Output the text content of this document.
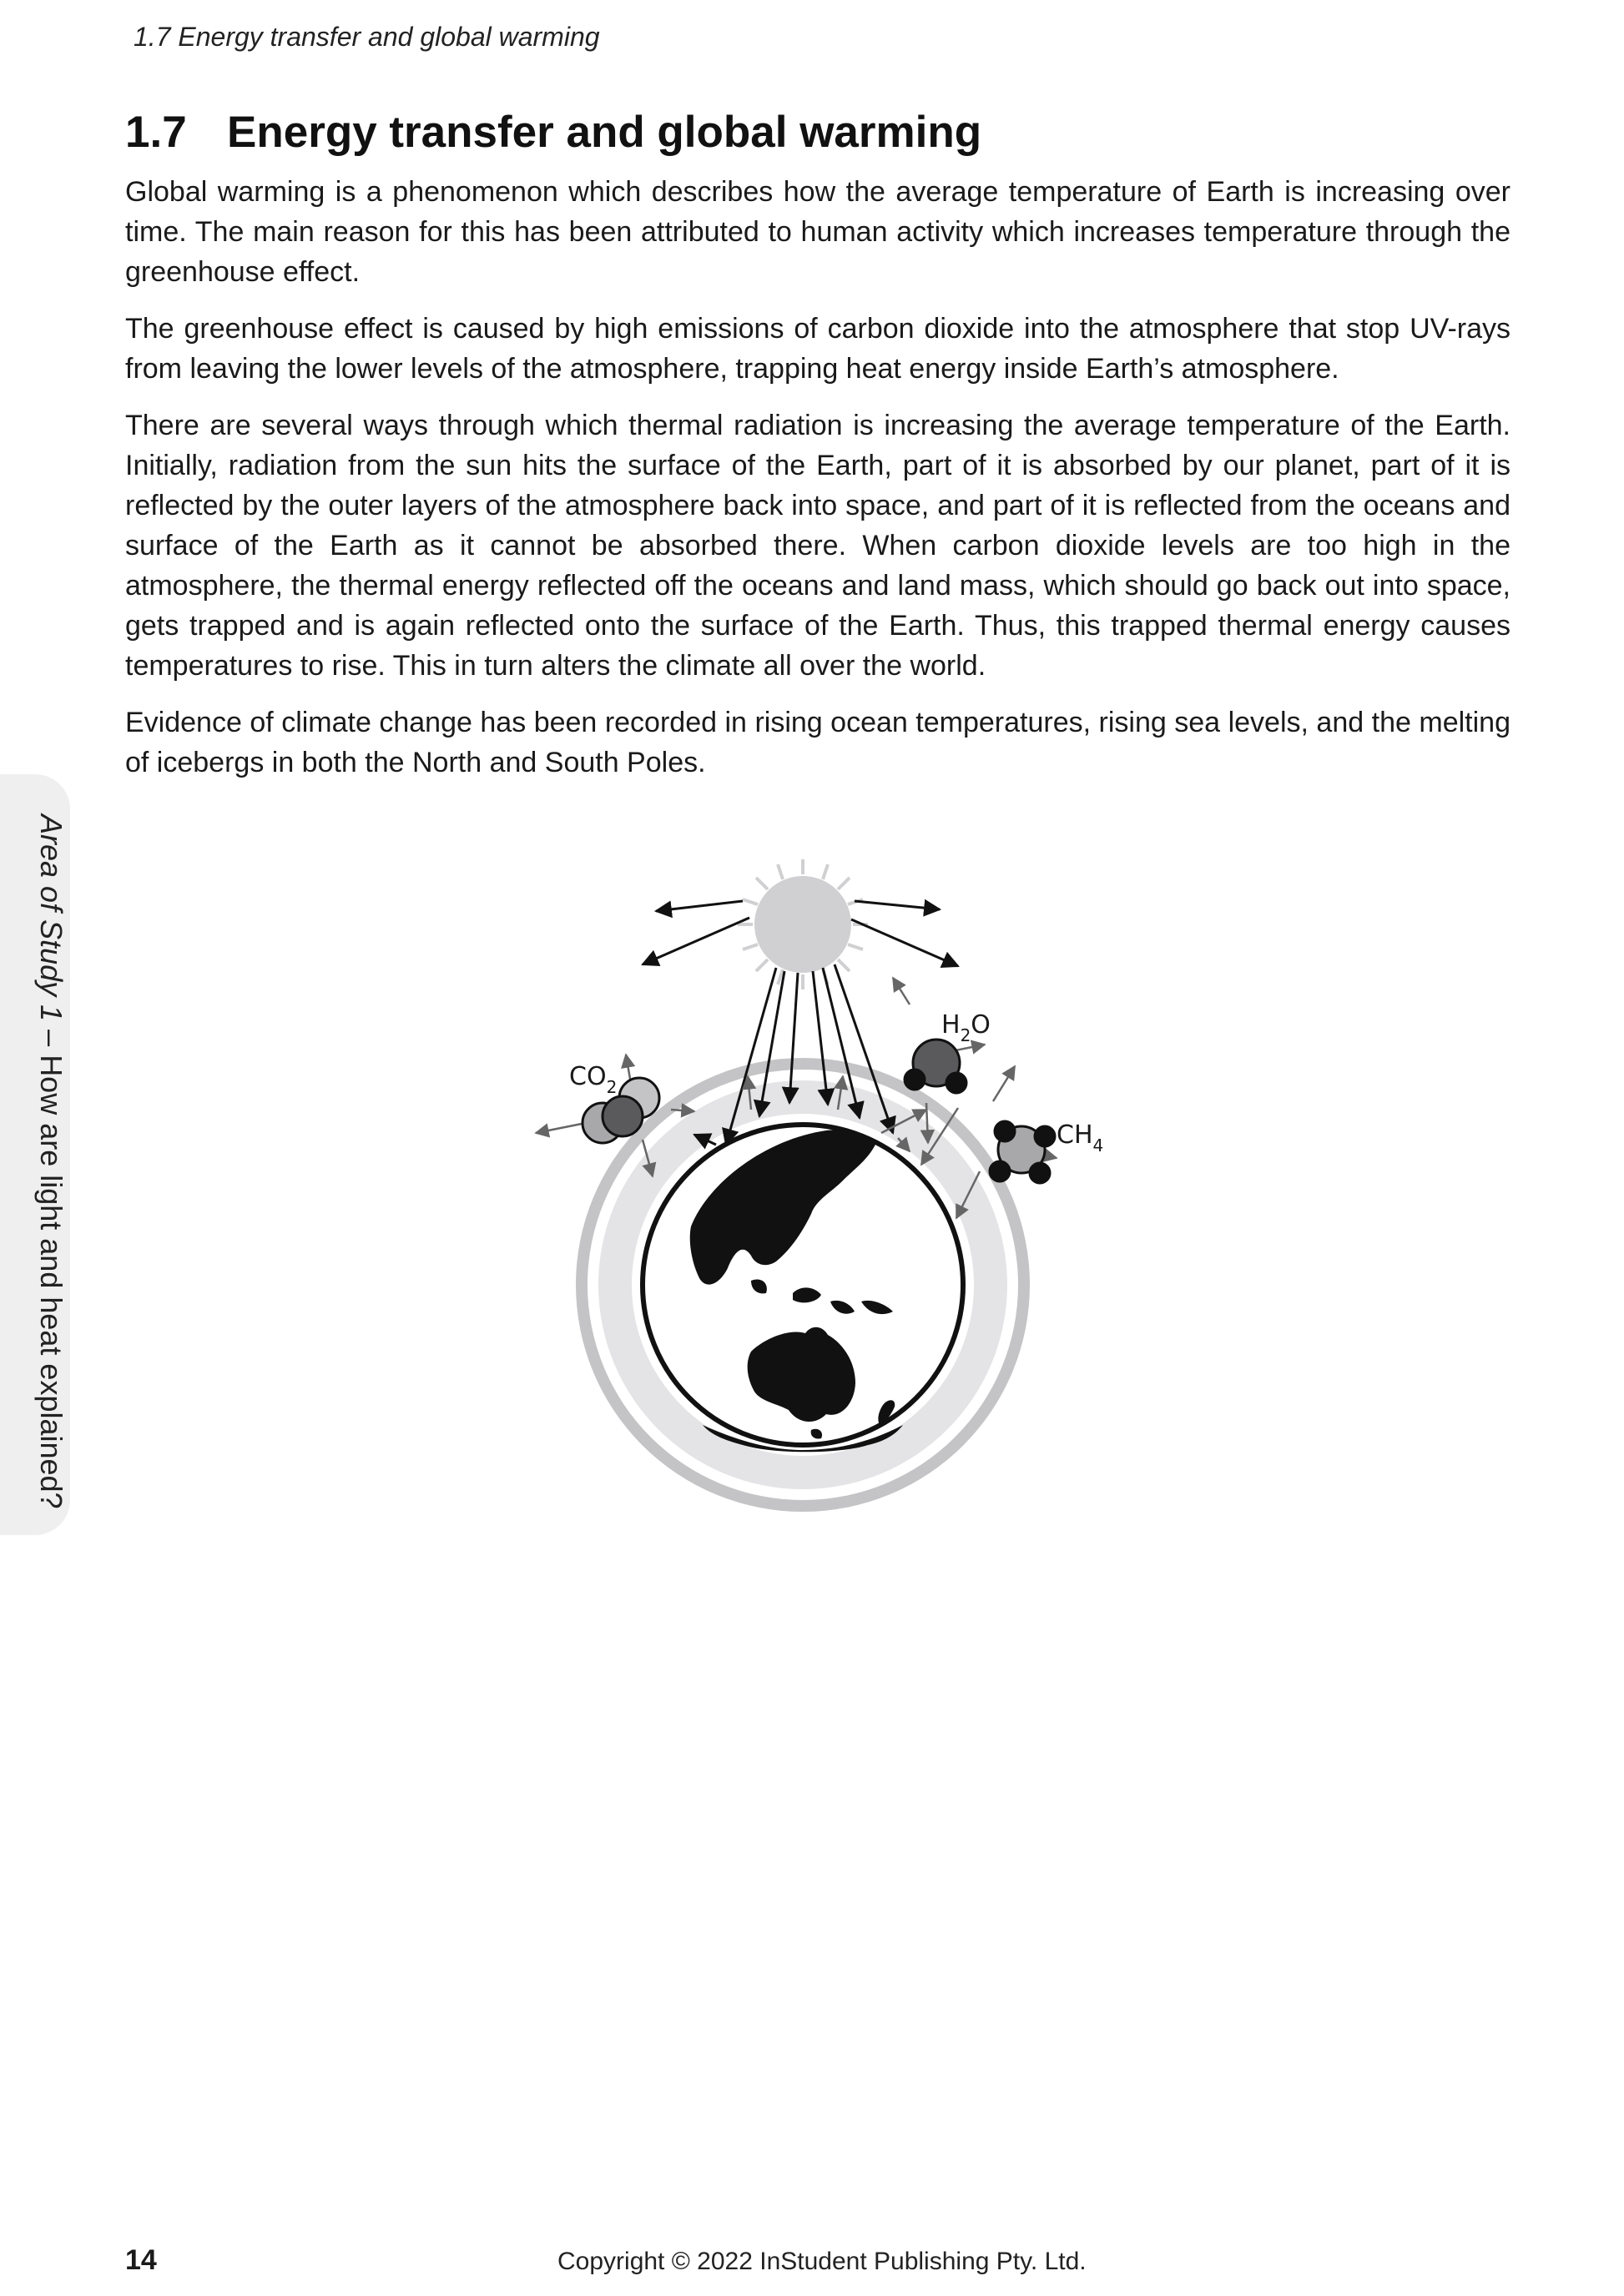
1.7 Energy transfer and global warming
1.7 Energy transfer and global warming

Global warming is a phenomenon which describes how the average temperature of Earth is increasing over time. The main reason for this has been attributed to human activity which increases temperature through the greenhouse effect.

The greenhouse effect is caused by high emissions of carbon dioxide into the atmosphere that stop UV-rays from leaving the lower levels of the atmosphere, trapping heat energy inside Earth’s atmosphere.

There are several ways through which thermal radiation is increasing the average temperature of the Earth. Initially, radiation from the sun hits the surface of the Earth, part of it is absorbed by our planet, part of it is reflected by the outer layers of the atmosphere back into space, and part of it is reflected from the oceans and surface of the Earth as it cannot be absorbed there. When carbon dioxide levels are too high in the atmosphere, the thermal energy reflected off the oceans and land mass, which should go back out into space, gets trapped and is again reflected onto the surface of the Earth. Thus, this trapped thermal energy causes temperatures to rise. This in turn alters the climate all over the world.

Evidence of climate change has been recorded in rising ocean temperatures, rising sea levels, and the melting of icebergs in both the North and South Poles.

Area of Study 1 – How are light and heat explained?	$CO_2$
$H_2O$
$CH_4$
14	Copyright © 2022 InStudent Publishing Pty. Ltd.
